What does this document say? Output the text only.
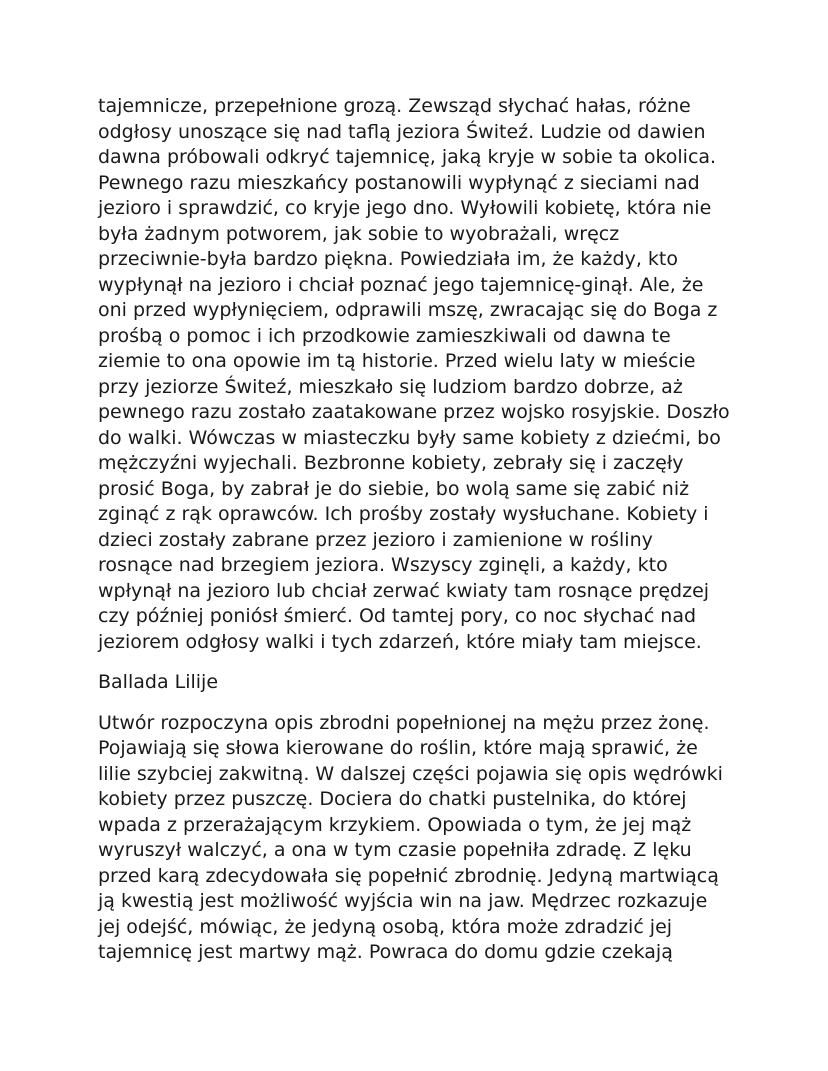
tajemnicze, przepełnione grozą. Zewsząd słychać hałas, różne
odgłosy unoszące się nad taflą jeziora Świteź. Ludzie od dawien
dawna próbowali odkryć tajemnicę, jaką kryje w sobie ta okolica.
Pewnego razu mieszkańcy postanowili wypłynąć z sieciami nad
jezioro i sprawdzić, co kryje jego dno. Wyłowili kobietę, która nie
była żadnym potworem, jak sobie to wyobrażali, wręcz
przeciwnie-była bardzo piękna. Powiedziała im, że każdy, kto
wypłynął na jezioro i chciał poznać jego tajemnicę-ginął. Ale, że
oni przed wypłynięciem, odprawili mszę, zwracając się do Boga z
prośbą o pomoc i ich przodkowie zamieszkiwali od dawna te
ziemie to ona opowie im tą historie. Przed wielu laty w mieście
przy jeziorze Świteź, mieszkało się ludziom bardzo dobrze, aż
pewnego razu zostało zaatakowane przez wojsko rosyjskie. Doszło
do walki. Wówczas w miasteczku były same kobiety z dziećmi, bo
mężczyźni wyjechali. Bezbronne kobiety, zebrały się i zaczęły
prosić Boga, by zabrał je do siebie, bo wolą same się zabić niż
zginąć z rąk oprawców. Ich prośby zostały wysłuchane. Kobiety i
dzieci zostały zabrane przez jezioro i zamienione w rośliny
rosnące nad brzegiem jeziora. Wszyscy zginęli, a każdy, kto
wpłynął na jezioro lub chciał zerwać kwiaty tam rosnące prędzej
czy później poniósł śmierć. Od tamtej pory, co noc słychać nad
jeziorem odgłosy walki i tych zdarzeń, które miały tam miejsce.
Ballada Lilije
Utwór rozpoczyna opis zbrodni popełnionej na mężu przez żonę.
Pojawiają się słowa kierowane do roślin, które mają sprawić, że
lilie szybciej zakwitną. W dalszej części pojawia się opis wędrówki
kobiety przez puszczę. Dociera do chatki pustelnika, do której
wpada z przerażającym krzykiem. Opowiada o tym, że jej mąż
wyruszył walczyć, a ona w tym czasie popełniła zdradę. Z lęku
przed karą zdecydowała się popełnić zbrodnię. Jedyną martwiącą
ją kwestią jest możliwość wyjścia win na jaw. Mędrzec rozkazuje
jej odejść, mówiąc, że jedyną osobą, która może zdradzić jej
tajemnicę jest martwy mąż. Powraca do domu gdzie czekają
